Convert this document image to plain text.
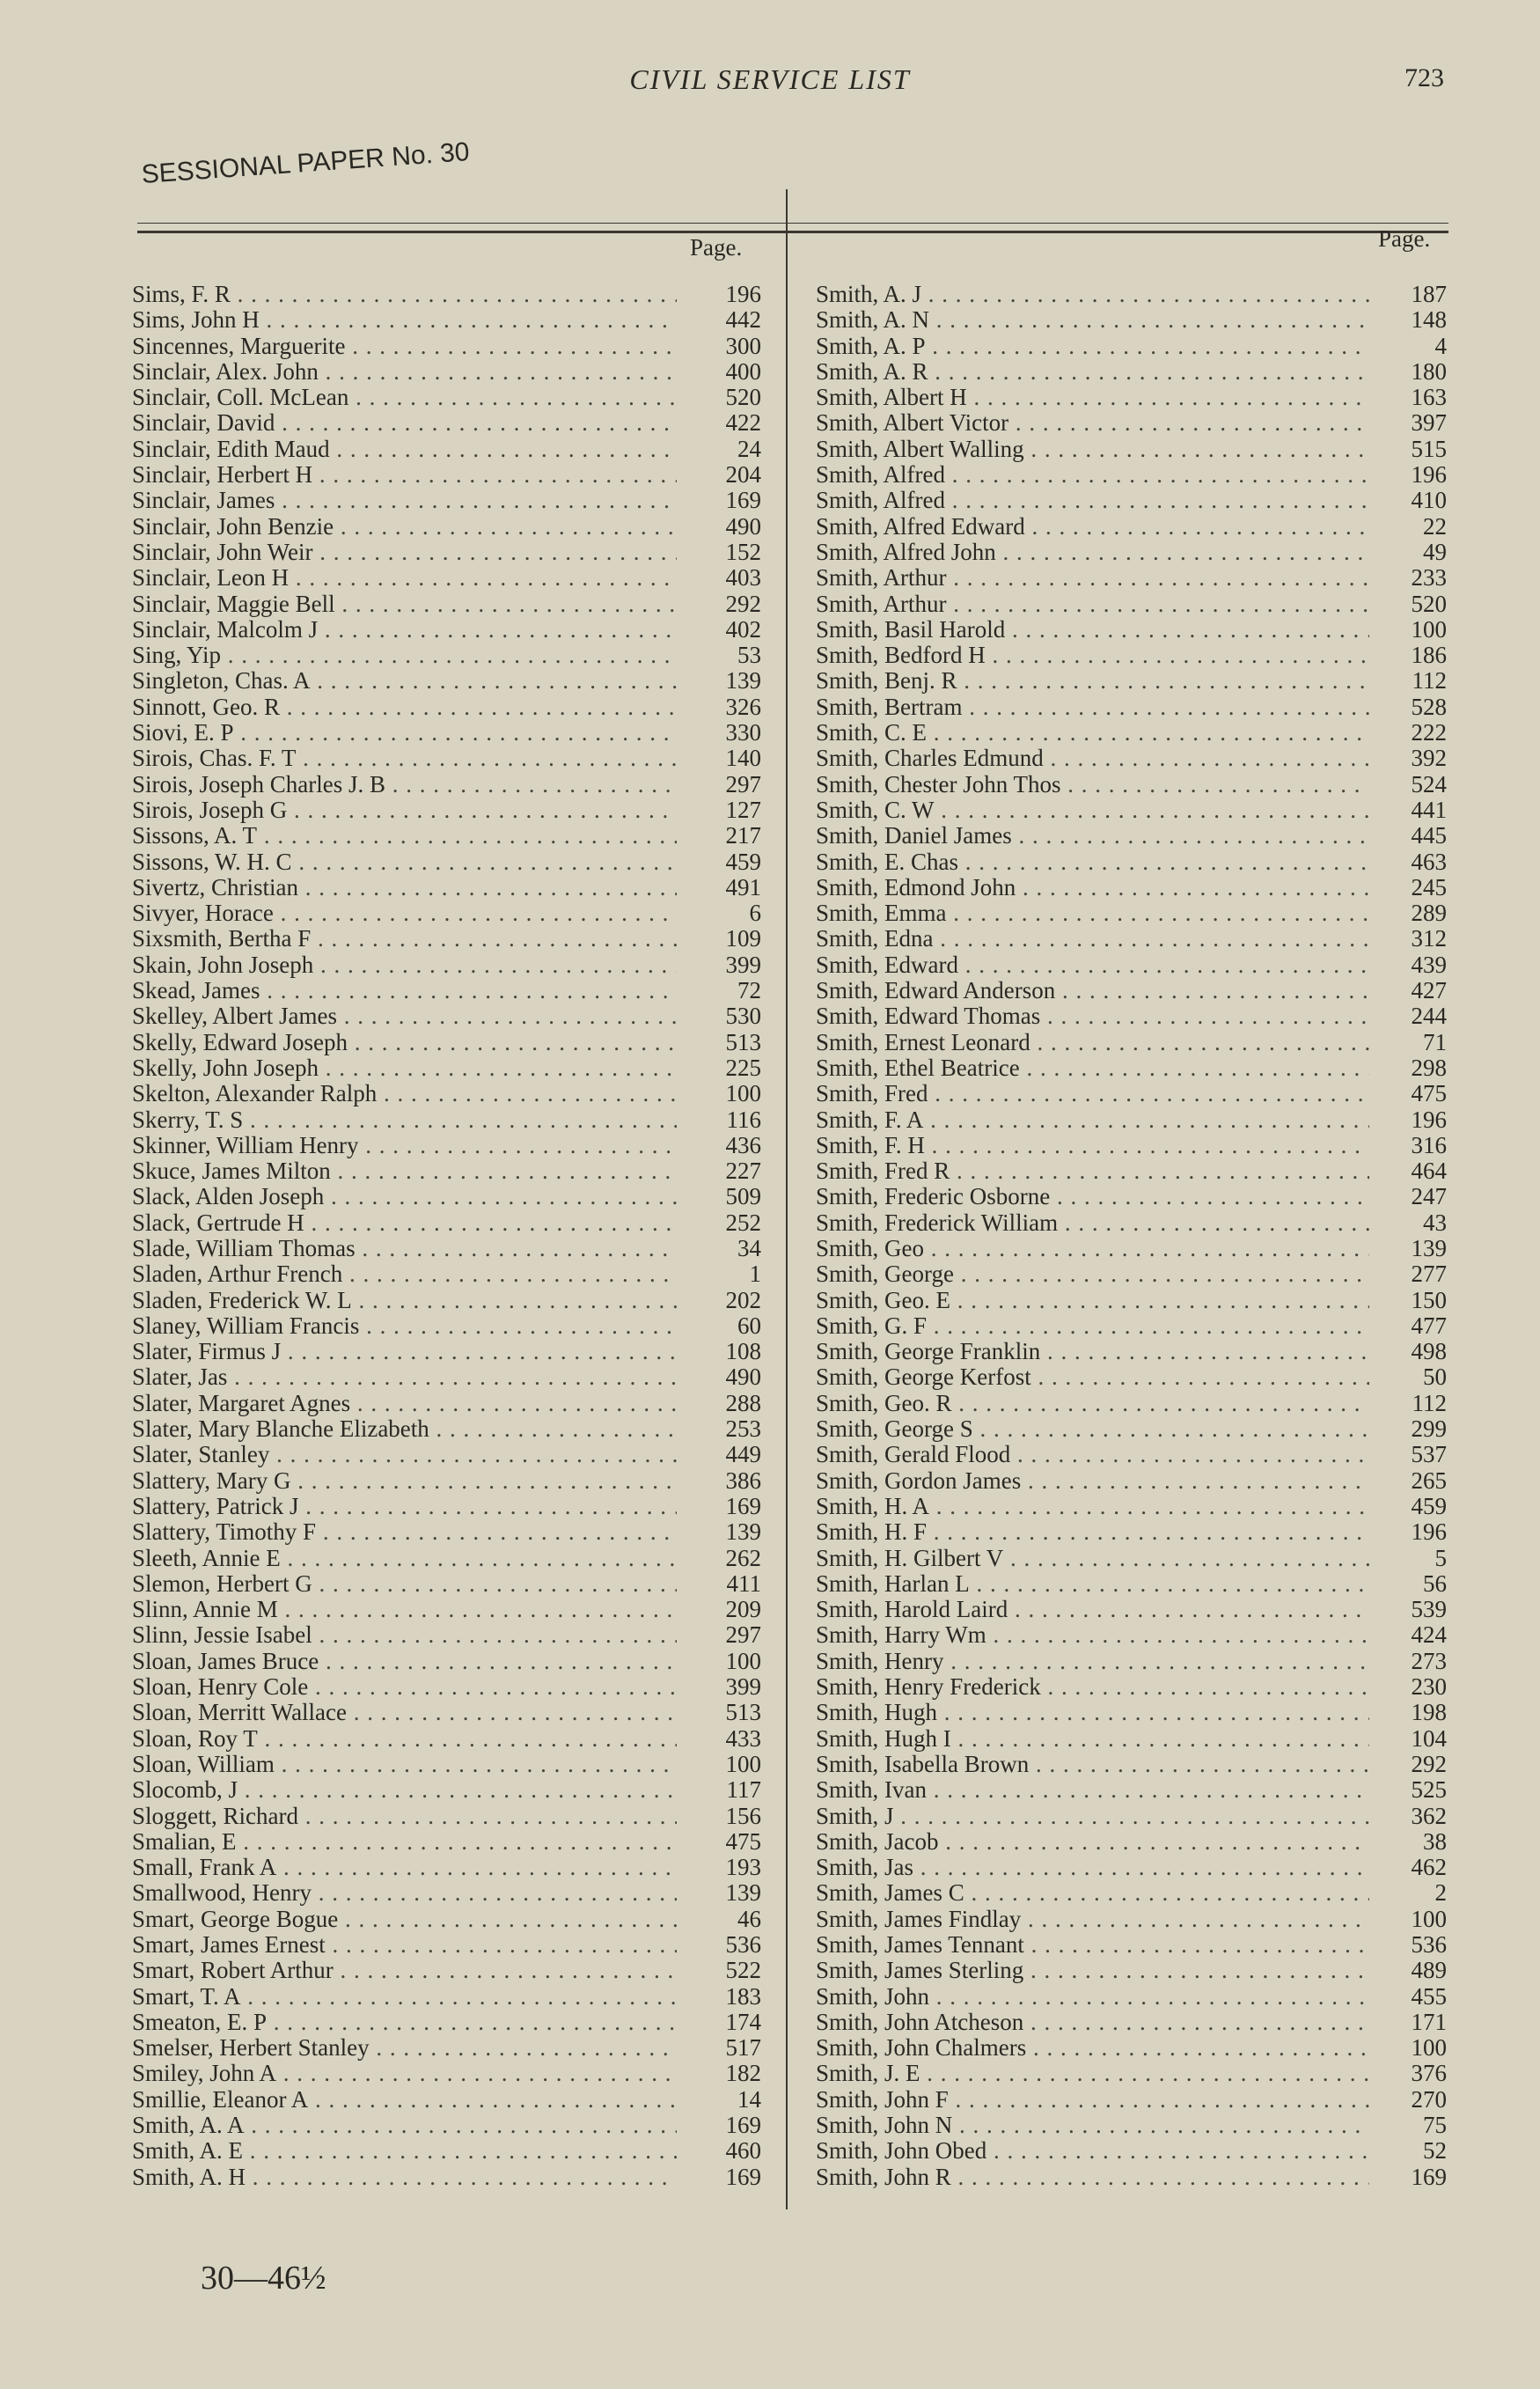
CIVIL SERVICE LIST	723
SESSIONAL PAPER No. 30
Page.	Page.
Sims, F. R . . .	196
Sims, John H . . .	442
Sincennes, Marguerite . . .	300
Sinclair, Alex. John . . .	400
Sinclair, Coll. McLean . . .	520
Sinclair, David . . .	422
Sinclair, Edith Maud . . .	24
Sinclair, Herbert H . . .	204
Sinclair, James . . .	169
Sinclair, John Benzie . . .	490
Sinclair, John Weir . . .	152
Sinclair, Leon H . . .	403
Sinclair, Maggie Bell . . .	292
Sinclair, Malcolm J . . .	402
Sing, Yip . . .	53
Singleton, Chas. A . . .	139
Sinnott, Geo. R . . .	326
Siovi, E. P . . .	330
Sirois, Chas. F. T . . .	140
Sirois, Joseph Charles J. B . . .	297
Sirois, Joseph G . . .	127
Sissons, A. T . . .	217
Sissons, W. H. C . . .	459
Sivertz, Christian . . .	491
Sivyer, Horace . . .	6
Sixsmith, Bertha F . . .	109
Skain, John Joseph . . .	399
Skead, James . . .	72
Skelley, Albert James . . .	530
Skelly, Edward Joseph . . .	513
Skelly, John Joseph . . .	225
Skelton, Alexander Ralph . . .	100
Skerry, T. S . . .	116
Skinner, William Henry . . .	436
Skuce, James Milton . . .	227
Slack, Alden Joseph . . .	509
Slack, Gertrude H . . .	252
Slade, William Thomas . . .	34
Sladen, Arthur French . . .	1
Sladen, Frederick W. L . . .	202
Slaney, William Francis . . .	60
Slater, Firmus J . . .	108
Slater, Jas . . .	490
Slater, Margaret Agnes . . .	288
Slater, Mary Blanche Elizabeth . . .	253
Slater, Stanley . . .	449
Slattery, Mary G . . .	386
Slattery, Patrick J . . .	169
Slattery, Timothy F . . .	139
Sleeth, Annie E . . .	262
Slemon, Herbert G . . .	411
Slinn, Annie M . . .	209
Slinn, Jessie Isabel . . .	297
Sloan, James Bruce . . .	100
Sloan, Henry Cole . . .	399
Sloan, Merritt Wallace . . .	513
Sloan, Roy T . . .	433
Sloan, William . . .	100
Slocomb, J . . .	117
Sloggett, Richard . . .	156
Smalian, E . . .	475
Small, Frank A . . .	193
Smallwood, Henry . . .	139
Smart, George Bogue . . .	46
Smart, James Ernest . . .	536
Smart, Robert Arthur . . .	522
Smart, T. A . . .	183
Smeaton, E. P . . .	174
Smelser, Herbert Stanley . . .	517
Smiley, John A . . .	182
Smillie, Eleanor A . . .	14
Smith, A. A . . .	169
Smith, A. E . . .	460
Smith, A. H . . .	169
Smith, A. J . . .	187
Smith, A. N . . .	148
Smith, A. P . . .	4
Smith, A. R . . .	180
Smith, Albert H . . .	163
Smith, Albert Victor . . .	397
Smith, Albert Walling . . .	515
Smith, Alfred . . .	196
Smith, Alfred . . .	410
Smith, Alfred Edward . . .	22
Smith, Alfred John . . .	49
Smith, Arthur . . .	233
Smith, Arthur . . .	520
Smith, Basil Harold . . .	100
Smith, Bedford H . . .	186
Smith, Benj. R . . .	112
Smith, Bertram . . .	528
Smith, C. E . . .	222
Smith, Charles Edmund . . .	392
Smith, Chester John Thos . . .	524
Smith, C. W . . .	441
Smith, Daniel James . . .	445
Smith, E. Chas . . .	463
Smith, Edmond John . . .	245
Smith, Emma . . .	289
Smith, Edna . . .	312
Smith, Edward . . .	439
Smith, Edward Anderson . . .	427
Smith, Edward Thomas . . .	244
Smith, Ernest Leonard . . .	71
Smith, Ethel Beatrice . . .	298
Smith, Fred . . .	475
Smith, F. A . . .	196
Smith, F. H . . .	316
Smith, Fred R . . .	464
Smith, Frederic Osborne . . .	247
Smith, Frederick William . . .	43
Smith, Geo . . .	139
Smith, George . . .	277
Smith, Geo. E . . .	150
Smith, G. F . . .	477
Smith, George Franklin . . .	498
Smith, George Kerfost . . .	50
Smith, Geo. R . . .	112
Smith, George S . . .	299
Smith, Gerald Flood . . .	537
Smith, Gordon James . . .	265
Smith, H. A . . .	459
Smith, H. F . . .	196
Smith, H. Gilbert V . . .	5
Smith, Harlan L . . .	56
Smith, Harold Laird . . .	539
Smith, Harry Wm . . .	424
Smith, Henry . . .	273
Smith, Henry Frederick . . .	230
Smith, Hugh . . .	198
Smith, Hugh I . . .	104
Smith, Isabella Brown . . .	292
Smith, Ivan . . .	525
Smith, J . . .	362
Smith, Jacob . . .	38
Smith, Jas . . .	462
Smith, James C . . .	2
Smith, James Findlay . . .	100
Smith, James Tennant . . .	536
Smith, James Sterling . . .	489
Smith, John . . .	455
Smith, John Atcheson . . .	171
Smith, John Chalmers . . .	100
Smith, J. E . . .	376
Smith, John F . . .	270
Smith, John N . . .	75
Smith, John Obed . . .	52
Smith, John R . . .	169
30—46½
